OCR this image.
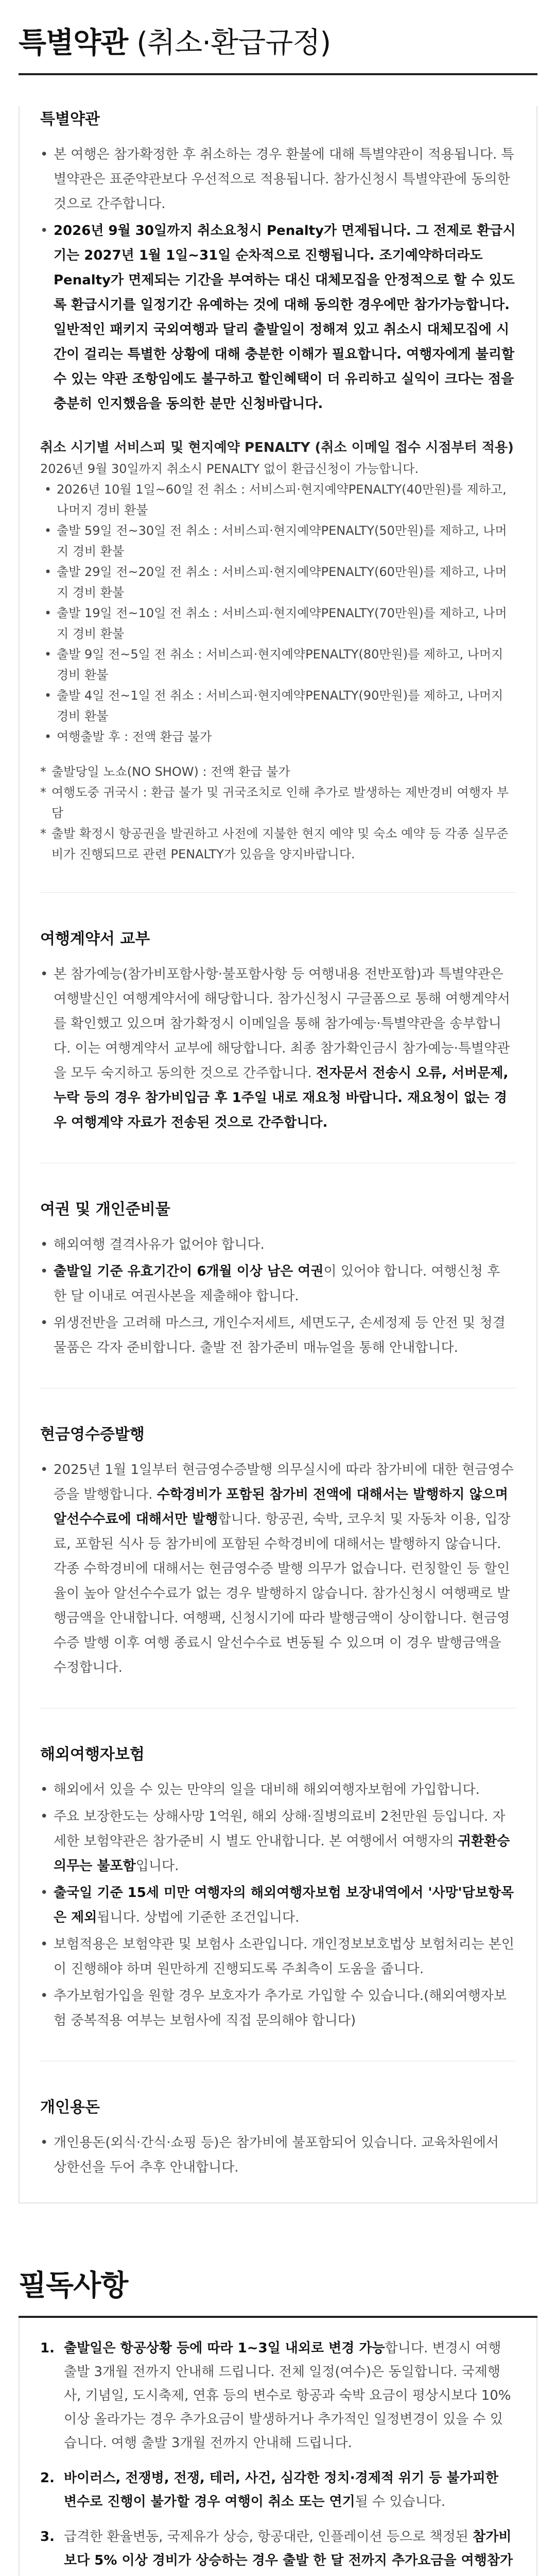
특별약관 (취소·환급규정)
특별약관
• 본 여행은 참가확정한 후 취소하는 경우 환불에 대해 특별약관이 적용됩니다. 특별약관은 표준약관보다 우선적으로 적용됩니다. 참가신청시 특별약관에 동의한 것으로 간주합니다.
• 2026년 9월 30일까지 취소요청시 Penalty가 면제됩니다. 그 전제로 환급시기는 2027년 1월 1일~31일 순차적으로 진행됩니다. 조기예약하더라도 Penalty가 면제되는 기간을 부여하는 대신 대체모집을 안정적으로 할 수 있도록 환급시기를 일정기간 유예하는 것에 대해 동의한 경우에만 참가가능합니다. 일반적인 패키지 국외여행과 달리 출발일이 정해져 있고 취소시 대체모집에 시간이 걸리는 특별한 상황에 대해 충분한 이해가 필요합니다. 여행자에게 불리할 수 있는 약관 조항임에도 불구하고 할인혜택이 더 유리하고 실익이 크다는 점을 충분히 인지했음을 동의한 분만 신청바랍니다.
취소 시기별 서비스피 및 현지예약 PENALTY (취소 이메일 접수 시점부터 적용)
2026년 9월 30일까지 취소시 PENALTY 없이 환급신청이 가능합니다.
• 2026년 10월 1일~60일 전 취소 : 서비스피·현지예약PENALTY(40만원)를 제하고, 나머지 경비 환불
• 출발 59일 전~30일 전 취소 : 서비스피·현지예약PENALTY(50만원)를 제하고, 나머지 경비 환불
• 출발 29일 전~20일 전 취소 : 서비스피·현지예약PENALTY(60만원)를 제하고, 나머지 경비 환불
• 출발 19일 전~10일 전 취소 : 서비스피·현지예약PENALTY(70만원)를 제하고, 나머지 경비 환불
• 출발 9일 전~5일 전 취소 : 서비스피·현지예약PENALTY(80만원)를 제하고, 나머지 경비 환불
• 출발 4일 전~1일 전 취소 : 서비스피·현지예약PENALTY(90만원)를 제하고, 나머지 경비 환불
• 여행출발 후 : 전액 환급 불가
* 출발당일 노쇼(NO SHOW) : 전액 환급 불가
* 여행도중 귀국시 : 환급 불가 및 귀국조치로 인해 추가로 발생하는 제반경비 여행자 부담
* 출발 확정시 항공권을 발권하고 사전에 지불한 현지 예약 및 숙소 예약 등 각종 실무준비가 진행되므로 관련 PENALTY가 있음을 양지바랍니다.
여행계약서 교부
• 본 참가예능(참가비포함사항·불포함사항 등 여행내용 전반포함)과 특별약관은 여행발신인 여행계약서에 해당합니다. 참가신청시 구글폼으로 통해 여행계약서를 확인했고 있으며 참가확정시 이메일을 통해 참가예능·특별약관을 송부합니다. 이는 여행계약서 교부에 해당합니다. 최종 참가확인금시 참가예능·특별약관을 모두 숙지하고 동의한 것으로 간주합니다. 전자문서 전송시 오류, 서버문제, 누락 등의 경우 참가비입금 후 1주일 내로 재요청 바랍니다. 재요청이 없는 경우 여행계약 자료가 전송된 것으로 간주합니다.
여권 및 개인준비물
• 해외여행 결격사유가 없어야 합니다.
• 출발일 기준 유효기간이 6개월 이상 남은 여권이 있어야 합니다. 여행신청 후 한 달 이내로 여권사본을 제출해야 합니다.
• 위생전반을 고려해 마스크, 개인수저세트, 세면도구, 손세정제 등 안전 및 청결물품은 각자 준비합니다. 출발 전 참가준비 매뉴얼을 통해 안내합니다.
현금영수증발행
• 2025년 1월 1일부터 현금영수증발행 의무실시에 따라 참가비에 대한 현금영수증을 발행합니다. 수학경비가 포함된 참가비 전액에 대해서는 발행하지 않으며 알선수수료에 대해서만 발행합니다. 항공권, 숙박, 코우치 및 자동차 이용, 입장료, 포함된 식사 등 참가비에 포함된 수학경비에 대해서는 발행하지 않습니다. 각종 수학경비에 대해서는 현금영수증 발행 의무가 없습니다. 런칭할인 등 할인율이 높아 알선수수료가 없는 경우 발행하지 않습니다. 참가신청시 여행팩로 발행금액을 안내합니다. 여행팩, 신청시기에 따라 발행금액이 상이합니다. 현금영수증 발행 이후 여행 종료시 알선수수료 변동될 수 있으며 이 경우 발행금액을 수정합니다.
해외여행자보험
• 해외에서 있을 수 있는 만약의 일을 대비해 해외여행자보험에 가입합니다.
• 주요 보장한도는 상해사망 1억원, 해외 상해·질병의료비 2천만원 등입니다. 자세한 보험약관은 참가준비 시 별도 안내합니다. 본 여행에서 여행자의 귀환환승의무는 불포함입니다.
• 출국일 기준 15세 미만 여행자의 해외여행자보험 보장내역에서 '사망'담보항목은 제외됩니다. 상법에 기준한 조건입니다.
• 보험적용은 보험약관 및 보험사 소관입니다. 개인정보보호법상 보험처리는 본인이 진행해야 하며 원만하게 진행되도록 주최측이 도움을 줍니다.
• 추가보험가입을 원할 경우 보호자가 추가로 가입할 수 있습니다.(해외여행자보험 중복적용 여부는 보험사에 직접 문의해야 합니다)
개인용돈
• 개인용돈(외식·간식·쇼핑 등)은 참가비에 불포함되어 있습니다. 교육차원에서 상한선을 두어 추후 안내합니다.
필독사항
1. 출발일은 항공상황 등에 따라 1~3일 내외로 변경 가능합니다. 변경시 여행 출발 3개월 전까지 안내해 드립니다. 전체 일정(여수)은 동일합니다. 국제행사, 기념일, 도시축제, 연휴 등의 변수로 항공과 숙박 요금이 평상시보다 10% 이상 올라가는 경우 추가요금이 발생하거나 추가적인 일정변경이 있을 수 있습니다. 여행 출발 3개월 전까지 안내해 드립니다.
2. 바이러스, 전쟁병, 전쟁, 테러, 사건, 심각한 정치·경제적 위기 등 불가피한 변수로 진행이 불가할 경우 여행이 취소 또는 연기될 수 있습니다.
3. 급격한 환율변동, 국제유가 상승, 항공대란, 인플레이션 등으로 책정된 참가비보다 5% 이상 경비가 상승하는 경우 출발 한 달 전까지 추가요금을 여행참가
